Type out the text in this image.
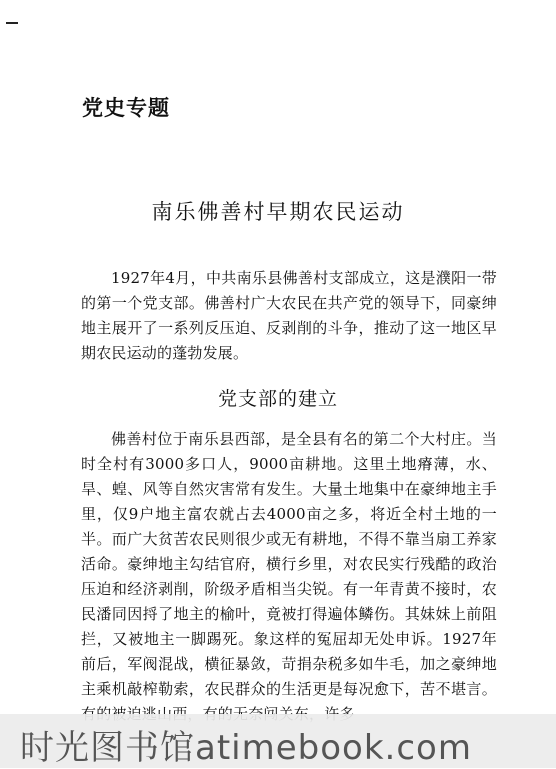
党史专题
南乐佛善村早期农民运动

1927年4月，中共南乐县佛善村支部成立，这是濮阳一带的第一个党支部。佛善村广大农民在共产党的领导下，同豪绅地主展开了一系列反压迫、反剥削的斗争，推动了这一地区早期农民运动的蓬勃发展。

党支部的建立

佛善村位于南乐县西部，是全县有名的第二个大村庄。当时全村有3000多口人，9000亩耕地。这里土地瘠薄，水、旱、蝗、风等自然灾害常有发生。大量土地集中在豪绅地主手里，仅9户地主富农就占去4000亩之多，将近全村土地的一半。而广大贫苦农民则很少或无有耕地，不得不靠当扇工养家活命。豪绅地主勾结官府，横行乡里，对农民实行残酷的政治压迫和经济剥削，阶级矛盾相当尖锐。有一年青黄不接时，农民潘同因捋了地主的榆叶，竟被打得遍体鳞伤。其妹妹上前阻拦，又被地主一脚踢死。象这样的冤屈却无处申诉。1927年前后，军阀混战，横征暴敛，苛捐杂税多如牛毛，加之豪绅地主乘机敲榨勒索，农民群众的生活更是每况愈下，苦不堪言。

时光图书馆atimebook.com
